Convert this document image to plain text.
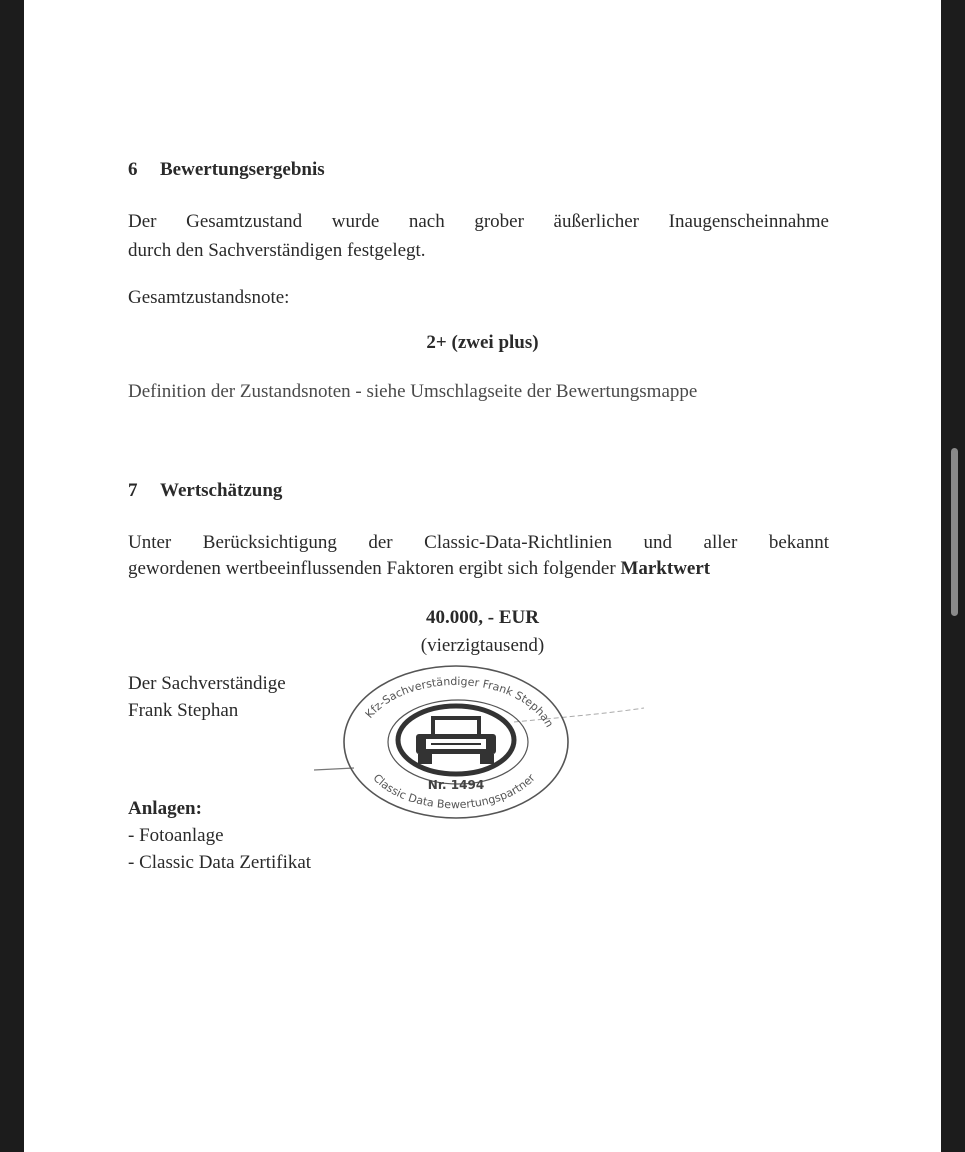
6 Bewertungsergebnis
Der Gesamtzustand wurde nach grober äußerlicher Inaugenscheinnahme
durch den Sachverständigen festgelegt.
Gesamtzustandsnote:
2+ (zwei plus)
Definition der Zustandsnoten - siehe Umschlagseite der Bewertungsmappe
7 Wertschätzung
Unter Berücksichtigung der Classic-Data-Richtlinien und aller bekannt
gewordenen wertbeeinflussenden Faktoren ergibt sich folgender Marktwert
40.000, - EUR
(vierzigtausend)
Der Sachverständige
Frank Stephan	Kfz-Sachverständiger Frank Stephan
Nr. 1494
Classic Data Bewertungspartner
Anlagen:
- Fotoanlage
- Classic Data Zertifikat
